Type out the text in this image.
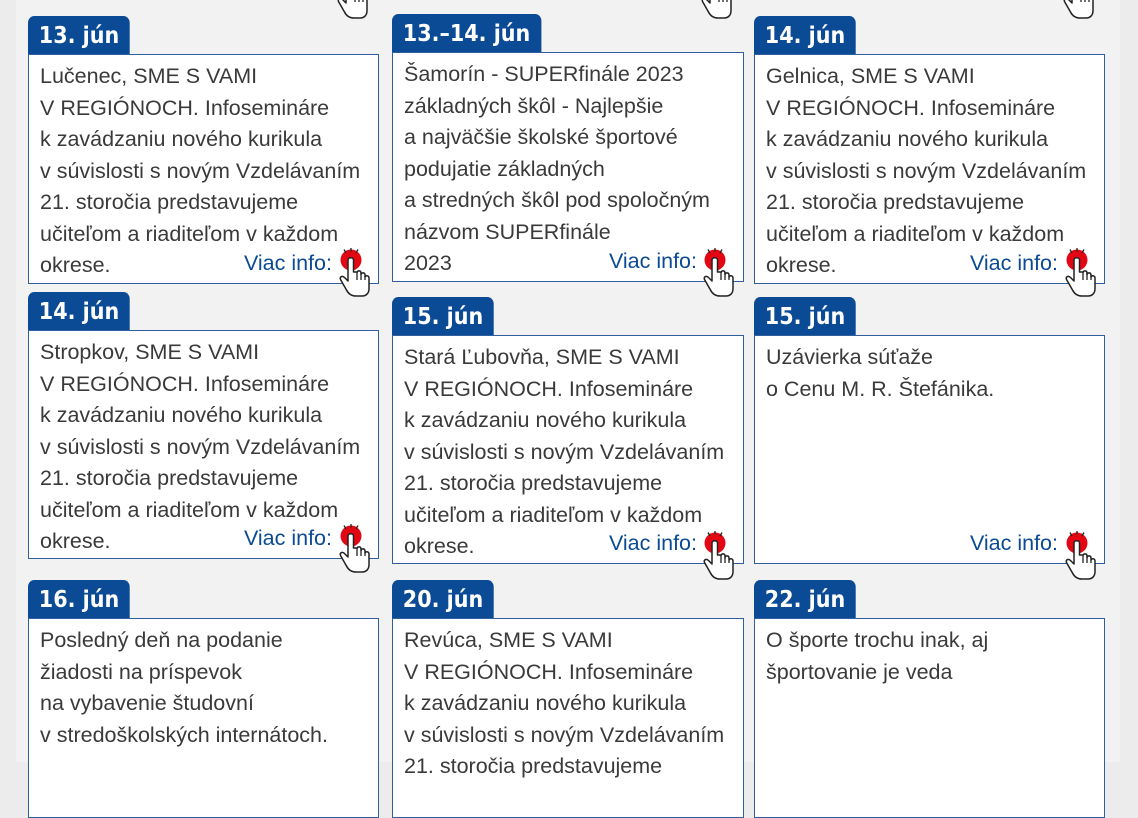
13. jún
Lučenec, SME S VAMI
V REGIÓNOCH. Infosemináre
k zavádzaniu nového kurikula
v súvislosti s novým Vzdelávaním
21. storočia predstavujeme
učiteľom a riaditeľom v každom
okrese.	Viac info:
13.–14. jún
Šamorín - SUPERfinále 2023
základných škôl - Najlepšie
a najväčšie školské športové
podujatie základných
a stredných škôl pod spoločným
názvom SUPERfinále
2023	Viac info:
14. jún
Gelnica, SME S VAMI
V REGIÓNOCH. Infosemináre
k zavádzaniu nového kurikula
v súvislosti s novým Vzdelávaním
21. storočia predstavujeme
učiteľom a riaditeľom v každom
okrese.	Viac info:
14. jún
Stropkov, SME S VAMI
V REGIÓNOCH. Infosemináre
k zavádzaniu nového kurikula
v súvislosti s novým Vzdelávaním
21. storočia predstavujeme
učiteľom a riaditeľom v každom
okrese.	Viac info:
15. jún
Stará Ľubovňa, SME S VAMI
V REGIÓNOCH. Infosemináre
k zavádzaniu nového kurikula
v súvislosti s novým Vzdelávaním
21. storočia predstavujeme
učiteľom a riaditeľom v každom
okrese.	Viac info:
15. jún
Uzávierka súťaže
o Cenu M. R. Štefánika.
Viac info:
16. jún
Posledný deň na podanie
žiadosti na príspevok
na vybavenie študovní
v stredoškolských internátoch.
20. jún
Revúca, SME S VAMI
V REGIÓNOCH. Infosemináre
k zavádzaniu nového kurikula
v súvislosti s novým Vzdelávaním
21. storočia predstavujeme
22. jún
O športe trochu inak, aj
športovanie je veda
